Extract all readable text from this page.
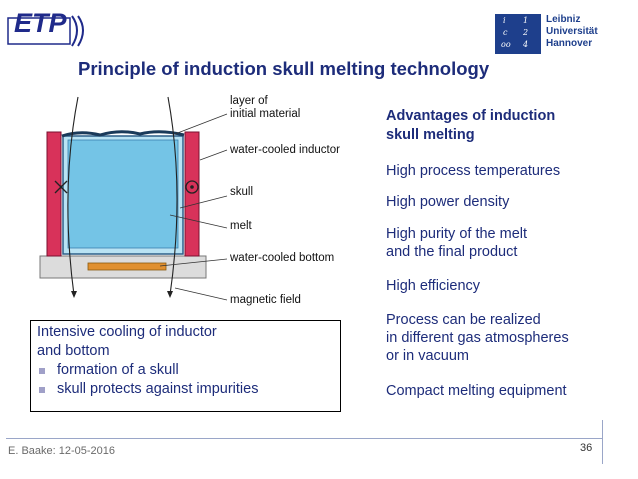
ETP	i 1
c 2
oo 4
Leibniz
Universität
Hannover
Principle of induction skull melting technology
layer of
initial material
water-cooled inductor
skull
melt
water-cooled bottom
magnetic field
Advantages of induction
skull melting
High process temperatures
High power density
High purity of the melt
and the final product
High efficiency
Process can be realized
in different gas atmospheres
or in vacuum
Compact melting equipment
Intensive cooling of inductor
and bottom
formation of a skull
skull protects against impurities
E. Baake: 12-05-2016	36
